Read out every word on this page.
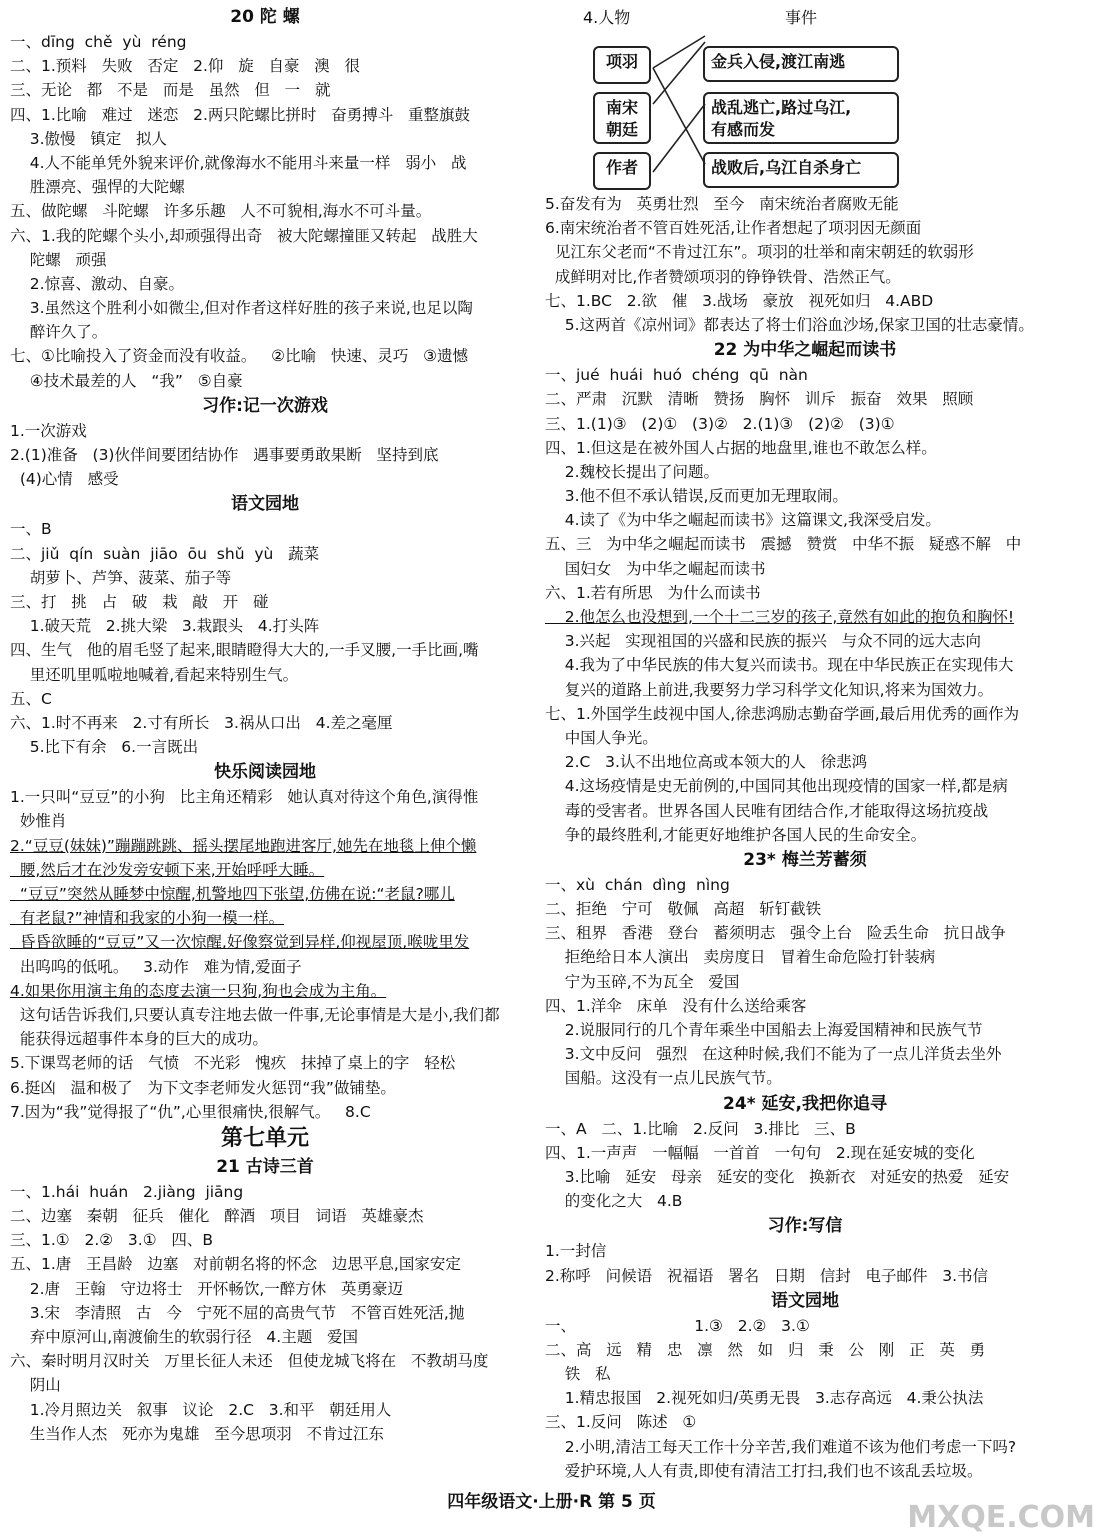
20 陀 螺
一、dīng  chě  yù  réng
二、1.预料   失败   否定   2.仰   旋   自豪   澳   很
三、无论   都   不是   而是   虽然   但   一   就
四、1.比喻   难过   迷恋   2.两只陀螺比拼时   奋勇搏斗   重整旗鼓
3.傲慢   镇定   拟人
4.人不能单凭外貌来评价,就像海水不能用斗来量一样   弱小   战
胜漂亮、强悍的大陀螺
五、做陀螺   斗陀螺   许多乐趣   人不可貌相,海水不可斗量。
六、1.我的陀螺个头小,却顽强得出奇   被大陀螺撞匪又转起   战胜大
陀螺   顽强
2.惊喜、激动、自豪。
3.虽然这个胜利小如微尘,但对作者这样好胜的孩子来说,也足以陶
醉许久了。
七、①比喻投入了资金而没有收益。   ②比喻   快速、灵巧   ③遗憾
④技术最差的人   “我”   ⑤自豪
习作:记一次游戏
1.一次游戏
2.(1)准备   (3)伙伴间要团结协作   遇事要勇敢果断   坚持到底
(4)心情   感受
语文园地
一、B
二、jiǔ  qín  suàn  jiāo  ōu  shǔ  yù   蔬菜
胡萝卜、芦笋、菠菜、茄子等
三、打   挑   占   破   栽   敲   开   碰
1.破天荒   2.挑大梁   3.栽跟头   4.打头阵
四、生气   他的眉毛竖了起来,眼睛瞪得大大的,一手叉腰,一手比画,嘴
里还叽里呱啦地喊着,看起来特别生气。
五、C
六、1.时不再来   2.寸有所长   3.祸从口出   4.差之毫厘
5.比下有余   6.一言既出
快乐阅读园地
1.一只叫“豆豆”的小狗   比主角还精彩   她认真对待这个角色,演得惟
妙惟肖
2.“豆豆(妹妹)”蹦蹦跳跳、摇头摆尾地跑进客厅,她先在地毯上伸个懒
腰,然后才在沙发旁安顿下来,开始呼呼大睡。
“豆豆”突然从睡梦中惊醒,机警地四下张望,仿佛在说:“老鼠?哪儿
有老鼠?”神情和我家的小狗一模一样。
昏昏欲睡的“豆豆”又一次惊醒,好像察觉到异样,仰视屋顶,喉咙里发
出呜呜的低吼。   3.动作   难为情,爱面子
4.如果你用演主角的态度去演一只狗,狗也会成为主角。
这句话告诉我们,只要认真专注地去做一件事,无论事情是大是小,我们都
能获得远超事件本身的巨大的成功。
5.下课骂老师的话   气愤   不光彩   愧疚   抹掉了桌上的字   轻松
6.挺凶   温和极了   为下文李老师发火惩罚“我”做铺垫。
7.因为“我”觉得报了“仇”,心里很痛快,很解气。   8.C
第七单元
21 古诗三首
一、1.hái  huán   2.jiàng  jiāng
二、边塞   秦朝   征兵   催化   醉酒   项目   词语   英雄豪杰
三、1.①   2.②   3.①   四、B
五、1.唐   王昌龄   边塞   对前朝名将的怀念   边思平息,国家安定
2.唐   王翰   守边将士   开怀畅饮,一醉方休   英勇豪迈
3.宋   李清照   古   今   宁死不屈的高贵气节   不管百姓死活,抛
弃中原河山,南渡偷生的软弱行径   4.主题   爱国
六、秦时明月汉时关   万里长征人未还   但使龙城飞将在   不教胡马度
阴山
1.冷月照边关   叙事   议论   2.C   3.和平   朝廷用人
生当作人杰   死亦为鬼雄   至今思项羽   不肯过江东
4.人物	事件
项羽
南宋
朝廷
作者
金兵入侵,渡江南逃
战乱逃亡,路过乌江,
有感而发
战败后,乌江自杀身亡
5.奋发有为   英勇壮烈   至今   南宋统治者腐败无能
6.南宋统治者不管百姓死活,让作者想起了项羽因无颜面
见江东父老而“不肯过江东”。项羽的壮举和南宋朝廷的软弱形
成鲜明对比,作者赞颂项羽的铮铮铁骨、浩然正气。
七、1.BC   2.欲   催   3.战场   豪放   视死如归   4.ABD
5.这两首《凉州词》都表达了将士们浴血沙场,保家卫国的壮志豪情。
22 为中华之崛起而读书
一、jué  huái  huó  chéng  qū  nàn
二、严肃   沉默   清晰   赞扬   胸怀   训斥   振奋   效果   照顾
三、1.(1)③   (2)①   (3)②   2.(1)③   (2)②   (3)①
四、1.但这是在被外国人占据的地盘里,谁也不敢怎么样。
2.魏校长提出了问题。
3.他不但不承认错误,反而更加无理取闹。
4.读了《为中华之崛起而读书》这篇课文,我深受启发。
五、三   为中华之崛起而读书   震撼   赞赏   中华不振   疑惑不解   中
国妇女   为中华之崛起而读书
六、1.若有所思   为什么而读书
2.他怎么也没想到,一个十二三岁的孩子,竟然有如此的抱负和胸怀!
3.兴起   实现祖国的兴盛和民族的振兴   与众不同的远大志向
4.我为了中华民族的伟大复兴而读书。现在中华民族正在实现伟大
复兴的道路上前进,我要努力学习科学文化知识,将来为国效力。
七、1.外国学生歧视中国人,徐悲鸿励志勤奋学画,最后用优秀的画作为
中国人争光。
2.C   3.认不出地位高或本领大的人   徐悲鸿
4.这场疫情是史无前例的,中国同其他出现疫情的国家一样,都是病
毒的受害者。世界各国人民唯有团结合作,才能取得这场抗疫战
争的最终胜利,才能更好地维护各国人民的生命安全。
23* 梅兰芳蓄须
一、xù  chán  dìng  nìng
二、拒绝   宁可   敬佩   高超   斩钉截铁
三、租界   香港   登台   蓄须明志   强令上台   险丢生命   抗日战争
拒绝给日本人演出   卖房度日   冒着生命危险打针装病
宁为玉碎,不为瓦全   爱国
四、1.洋伞   床单   没有什么送给乘客
2.说服同行的几个青年乘坐中国船去上海爱国精神和民族气节
3.文中反问   强烈   在这种时候,我们不能为了一点儿洋货去坐外
国船。这没有一点儿民族气节。
24* 延安,我把你追寻
一、A   二、1.比喻   2.反问   3.排比   三、B
四、1.一声声   一幅幅   一首首   一句句   2.现在延安城的变化
3.比喻   延安   母亲   延安的变化   换新衣   对延安的热爱   延安
的变化之大   4.B
习作:写信
1.一封信
2.称呼   问候语   祝福语   署名   日期   信封   电子邮件   3.书信
语文园地
一、                        1.③   2.②   3.①
二、高   远   精   忠   凛   然   如   归   秉   公   刚   正   英   勇
铁   私
1.精忠报国   2.视死如归/英勇无畏   3.志存高远   4.秉公执法
三、1.反问   陈述   ①
2.小明,清洁工每天工作十分辛苦,我们难道不该为他们考虑一下吗?
爱护环境,人人有责,即使有清洁工打扫,我们也不该乱丢垃圾。
四年级语文·上册·R 第 5 页	MXQE.COM
